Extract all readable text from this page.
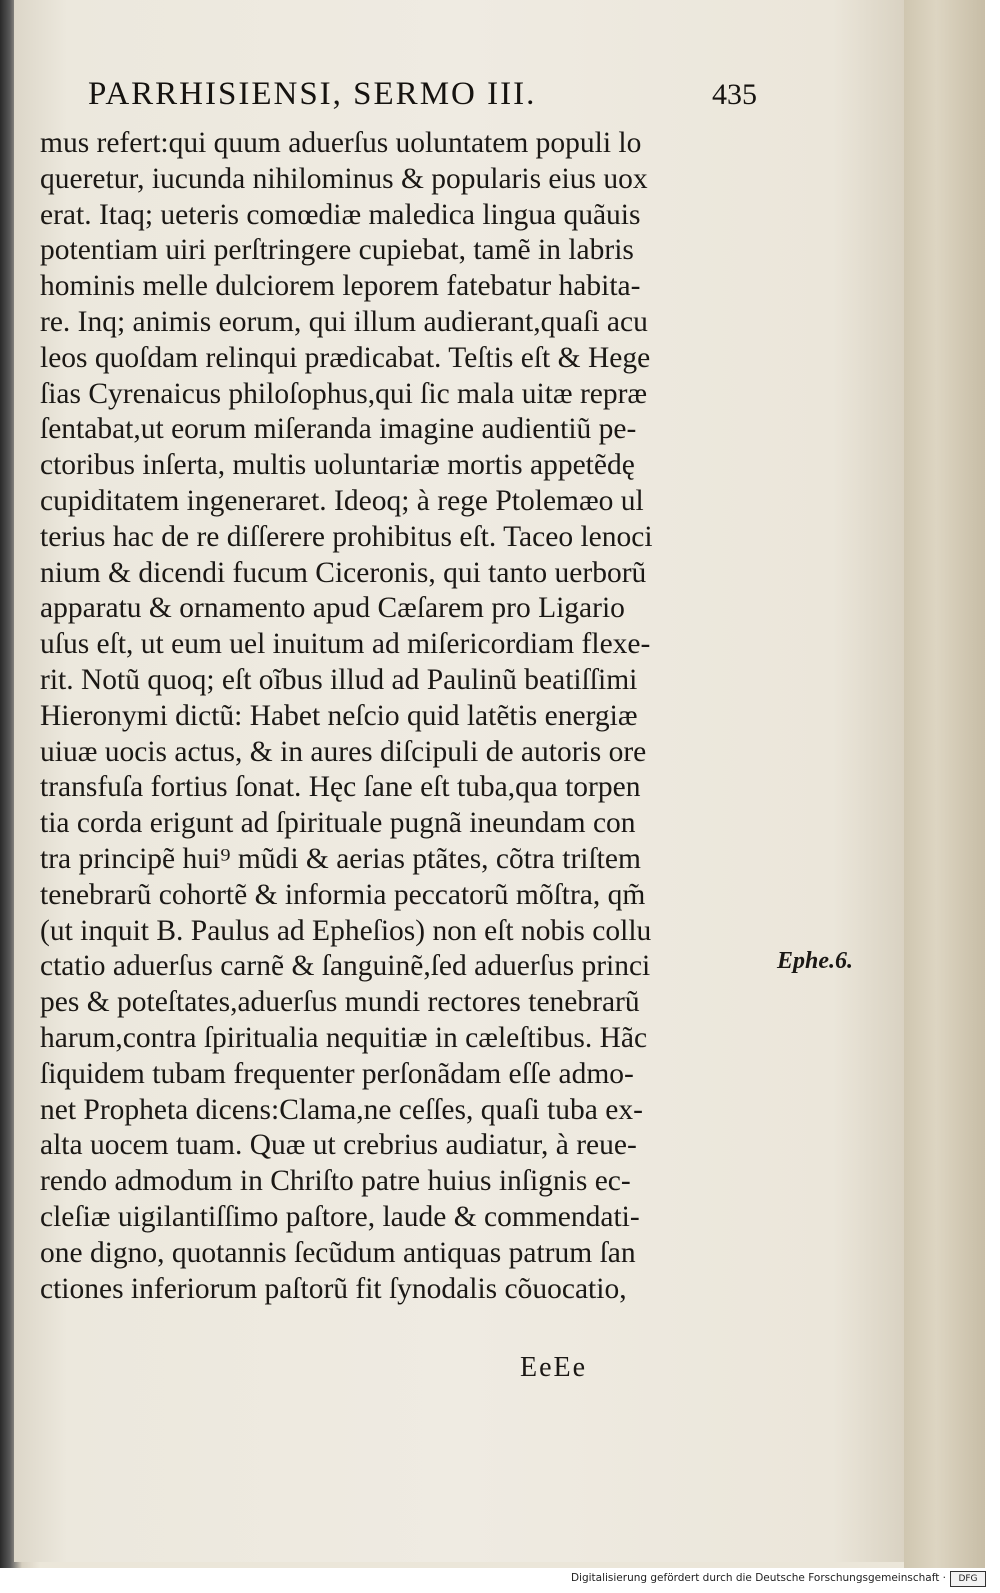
PARRHISIENSI, SERMO III.	435
mus refert:qui quum aduerſus uoluntatem populi lo
queretur, iucunda nihilominus & popularis eius uox
erat. Itaq; ueteris comœdiæ maledica lingua quãuis
potentiam uiri perſtringere cupiebat, tamẽ in labris
hominis melle dulciorem leporem fatebatur habita-
re. Inq; animis eorum, qui illum audierant,quaſi acu
leos quoſdam relinqui prædicabat. Teſtis eſt & Hege
ſias Cyrenaicus philoſophus,qui ſic mala uitæ repræ
ſentabat,ut eorum miſeranda imagine audientiũ pe-
ctoribus inſerta, multis uoluntariæ mortis appetẽdę
cupiditatem ingeneraret. Ideoq; à rege Ptolemæo ul
terius hac de re diſſerere prohibitus eſt. Taceo lenoci
nium & dicendi fucum Ciceronis, qui tanto uerborũ
apparatu & ornamento apud Cæſarem pro Ligario
uſus eſt, ut eum uel inuitum ad miſericordiam flexe-
rit. Notũ quoq; eſt oĩbus illud ad Paulinũ beatiſſimi
Hieronymi dictũ: Habet neſcio quid latẽtis energiæ
uiuæ uocis actus, & in aures diſcipuli de autoris ore
transfuſa fortius ſonat. Hęc ſane eſt tuba,qua torpen
tia corda erigunt ad ſpirituale pugnã ineundam con
tra principẽ hui⁹ mũdi & aerias ptãtes, cõtra triſtem
tenebrarũ cohortẽ & informia peccatorũ mõſtra, qm̃
(ut inquit B. Paulus ad Epheſios) non eſt nobis collu
ctatio aduerſus carnẽ & ſanguinẽ,ſed aduerſus princi
pes & poteſtates,aduerſus mundi rectores tenebrarũ
harum,contra ſpiritualia nequitiæ in cæleſtibus. Hãc
ſiquidem tubam frequenter perſonãdam eſſe admo-
net Propheta dicens:Clama,ne ceſſes, quaſi tuba ex-
alta uocem tuam. Quæ ut crebrius audiatur, à reue-
rendo admodum in Chriſto patre huius inſignis ec-
cleſiæ uigilantiſſimo paſtore, laude & commendati-
one digno, quotannis ſecũdum antiquas patrum ſan
ctiones inferiorum paſtorũ fit ſynodalis cõuocatio,
Ephe.6.
EeEe
Digitalisierung gefördert durch die Deutsche Forschungsgemeinschaft ·	DFG
